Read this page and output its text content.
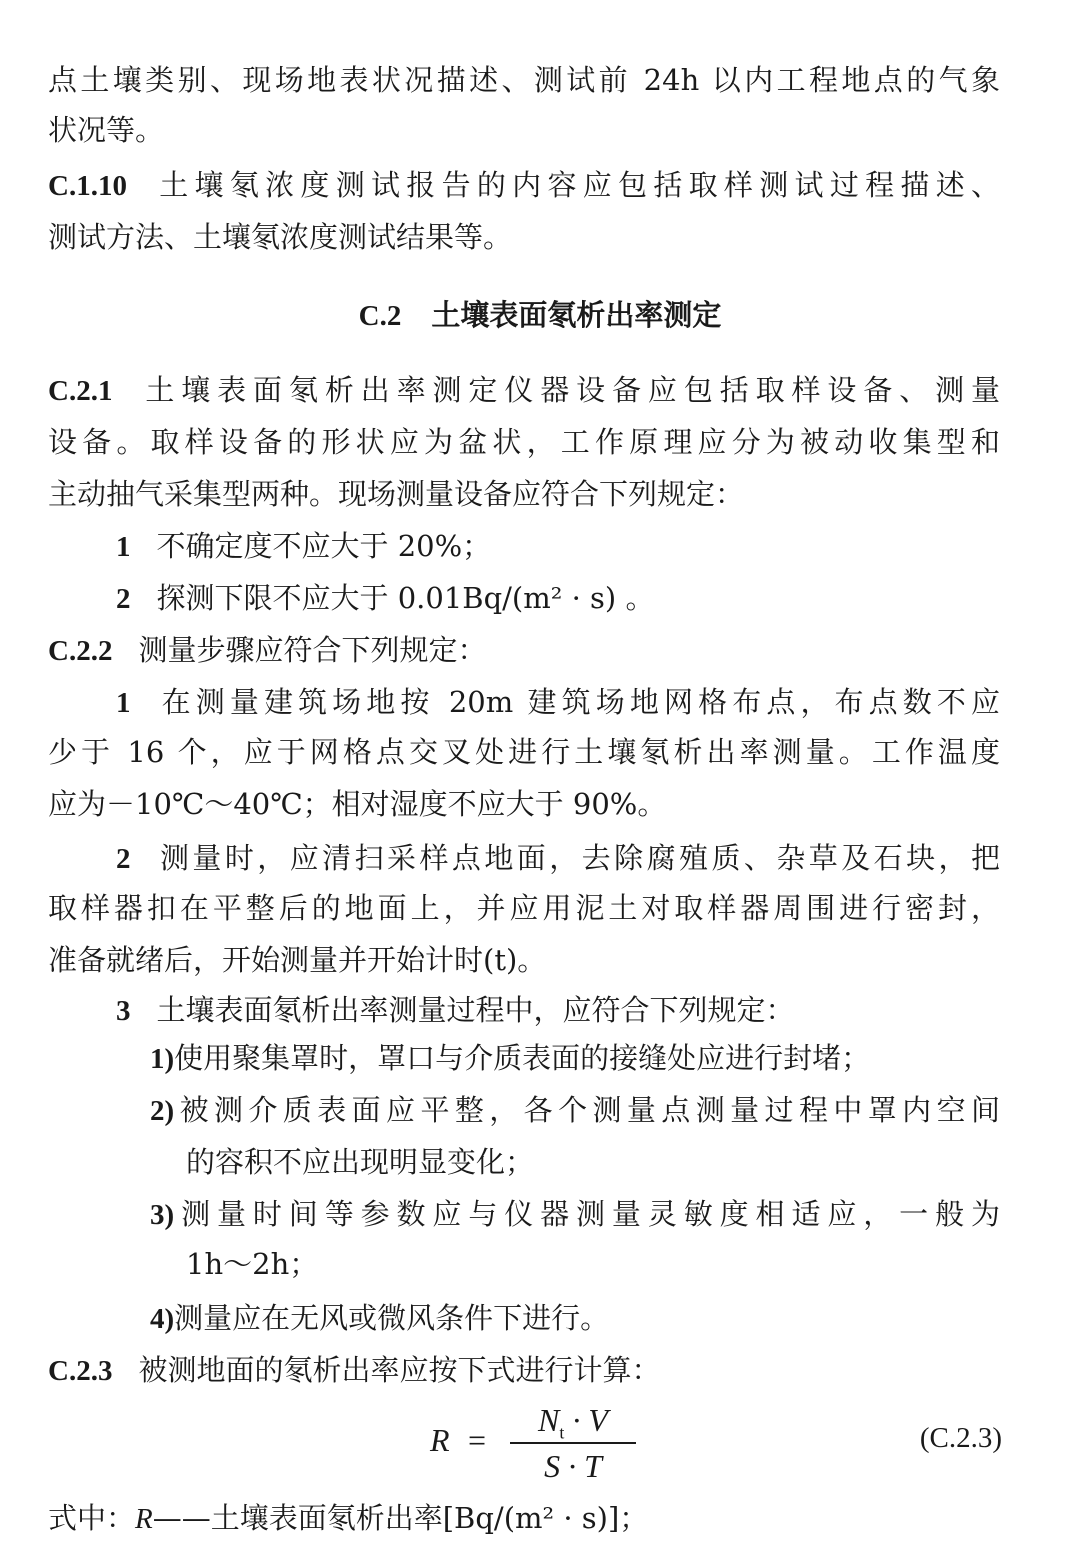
点土壤类别、现场地表状况描述、测试前 24h 以内工程地点的气象
状况等。
C.1.10 土壤氡浓度测试报告的内容应包括取样测试过程描述、
测试方法、土壤氡浓度测试结果等。
C.2 土壤表面氡析出率测定
C.2.1 土壤表面氡析出率测定仪器设备应包括取样设备、测量
设备。取样设备的形状应为盆状，工作原理应分为被动收集型和
主动抽气采集型两种。现场测量设备应符合下列规定：
1 不确定度不应大于 20%；
2 探测下限不应大于 0.01Bq/(m² · s) 。
C.2.2 测量步骤应符合下列规定：
1 在测量建筑场地按 20m 建筑场地网格布点，布点数不应
少于 16 个，应于网格点交叉处进行土壤氡析出率测量。工作温度
应为－10℃～40℃；相对湿度不应大于 90%。
2 测量时，应清扫采样点地面，去除腐殖质、杂草及石块，把
取样器扣在平整后的地面上，并应用泥土对取样器周围进行密封，
准备就绪后，开始测量并开始计时(t)。
3 土壤表面氡析出率测量过程中，应符合下列规定：
1)使用聚集罩时，罩口与介质表面的接缝处应进行封堵；
2)被测介质表面应平整，各个测量点测量过程中罩内空间
的容积不应出现明显变化；
3)测量时间等参数应与仪器测量灵敏度相适应，一般为
1h～2h；
4)测量应在无风或微风条件下进行。
C.2.3 被测地面的氡析出率应按下式进行计算：
R =
$N_t \cdot V$
S · T
(C.2.3)
式中：R——土壤表面氡析出率[Bq/(m² · s)]；
